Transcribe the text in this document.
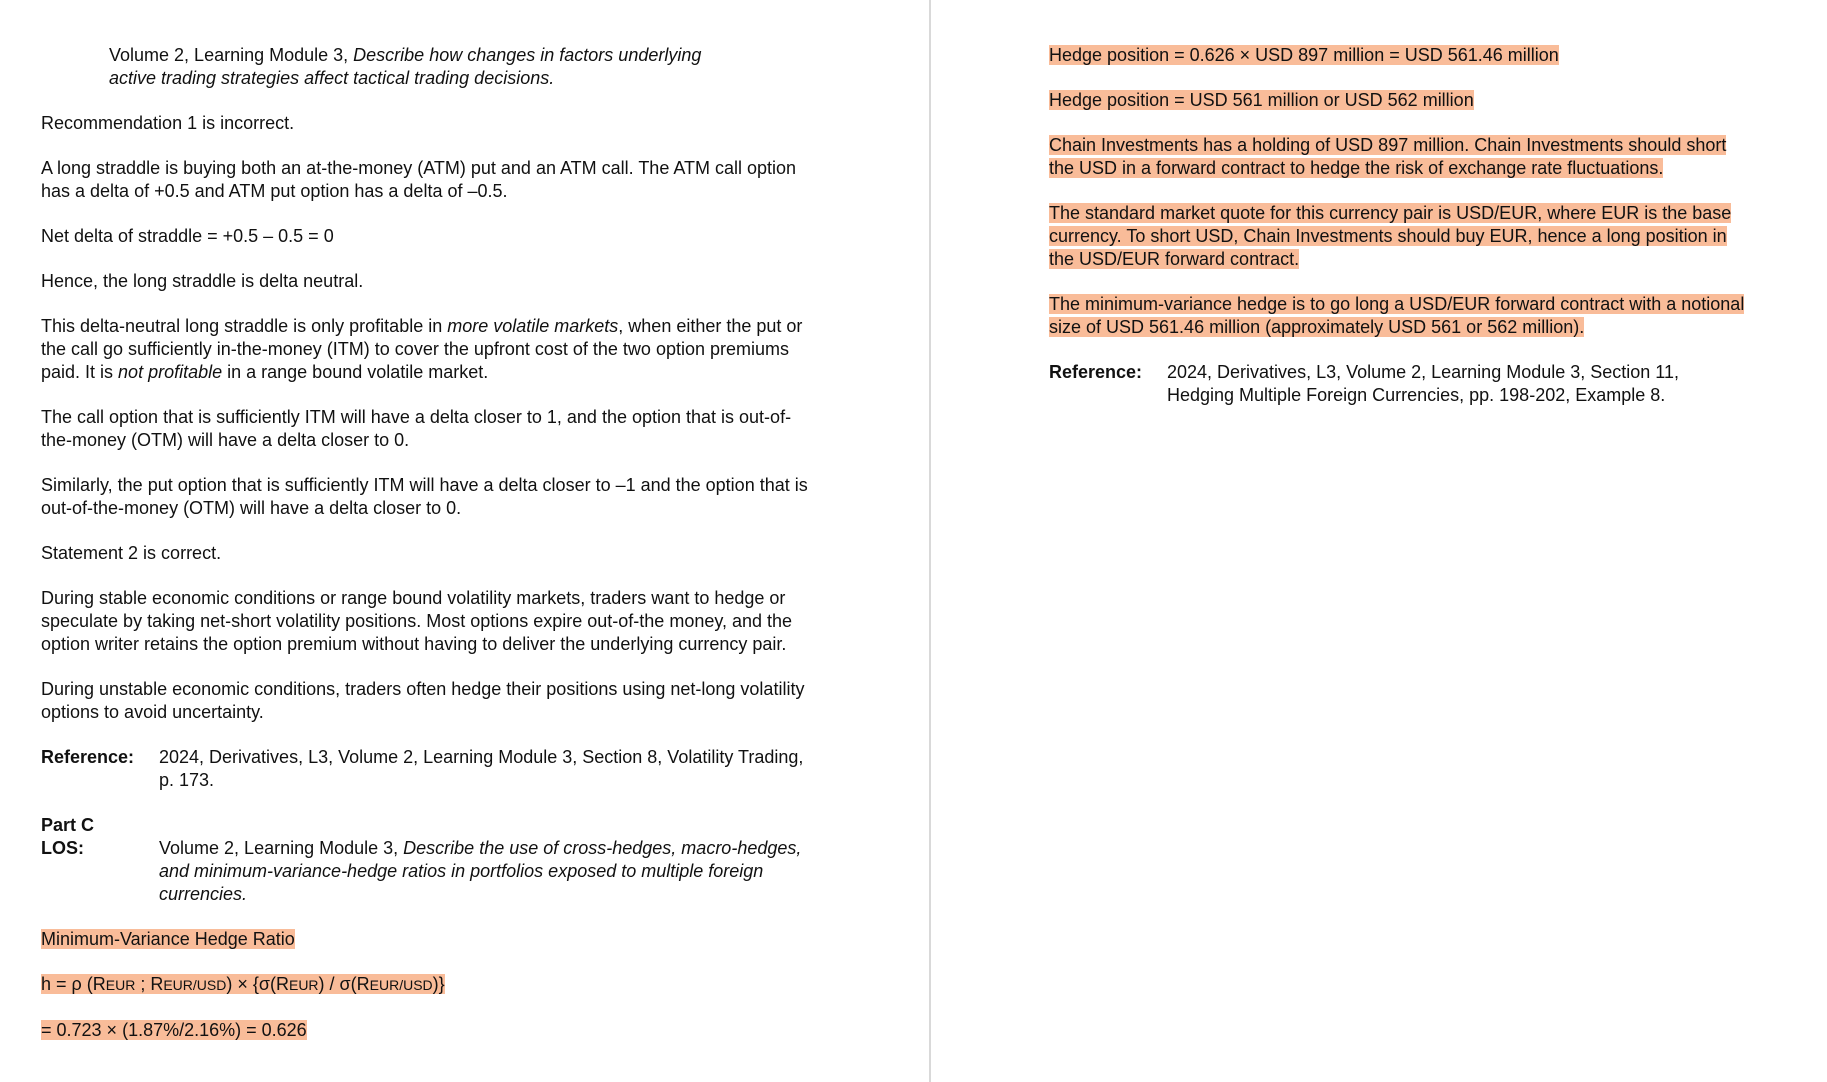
Volume 2, Learning Module 3, Describe how changes in factors underlying
active trading strategies affect tactical trading decisions.

Recommendation 1 is incorrect.

A long straddle is buying both an at-the-money (ATM) put and an ATM call. The ATM call option has a delta of +0.5 and ATM put option has a delta of –0.5.

Net delta of straddle = +0.5 – 0.5 = 0

Hence, the long straddle is delta neutral.

This delta-neutral long straddle is only profitable in more volatile markets, when either the put or the call go sufficiently in-the-money (ITM) to cover the upfront cost of the two option premiums paid. It is not profitable in a range bound volatile market.

The call option that is sufficiently ITM will have a delta closer to 1, and the option that is out-of-the-money (OTM) will have a delta closer to 0.

Similarly, the put option that is sufficiently ITM will have a delta closer to –1 and the option that is out-of-the-money (OTM) will have a delta closer to 0.

Statement 2 is correct.

During stable economic conditions or range bound volatility markets, traders want to hedge or speculate by taking net-short volatility positions. Most options expire out-of-the money, and the option writer retains the option premium without having to deliver the underlying currency pair.

During unstable economic conditions, traders often hedge their positions using net-long volatility options to avoid uncertainty.

Reference:	2024, Derivatives, L3, Volume 2, Learning Module 3, Section 8, Volatility Trading, p. 173.
Part C
LOS:	Volume 2, Learning Module 3, Describe the use of cross-hedges, macro-hedges, and minimum-variance-hedge ratios in portfolios exposed to multiple foreign currencies.

Minimum-Variance Hedge Ratio

h = ρ (REUR ; REUR/USD) × {σ(REUR) / σ(REUR/USD)}

= 0.723 × (1.87%/2.16%) = 0.626

Hedge position = 0.626 × USD 897 million = USD 561.46 million

Hedge position = USD 561 million or USD 562 million

Chain Investments has a holding of USD 897 million. Chain Investments should short the USD in a forward contract to hedge the risk of exchange rate fluctuations.

The standard market quote for this currency pair is USD/EUR, where EUR is the base currency. To short USD, Chain Investments should buy EUR, hence a long position in the USD/EUR forward contract.

The minimum-variance hedge is to go long a USD/EUR forward contract with a notional size of USD 561.46 million (approximately USD 561 or 562 million).

Reference:	2024, Derivatives, L3, Volume 2, Learning Module 3, Section 11, Hedging Multiple Foreign Currencies, pp. 198-202, Example 8.
